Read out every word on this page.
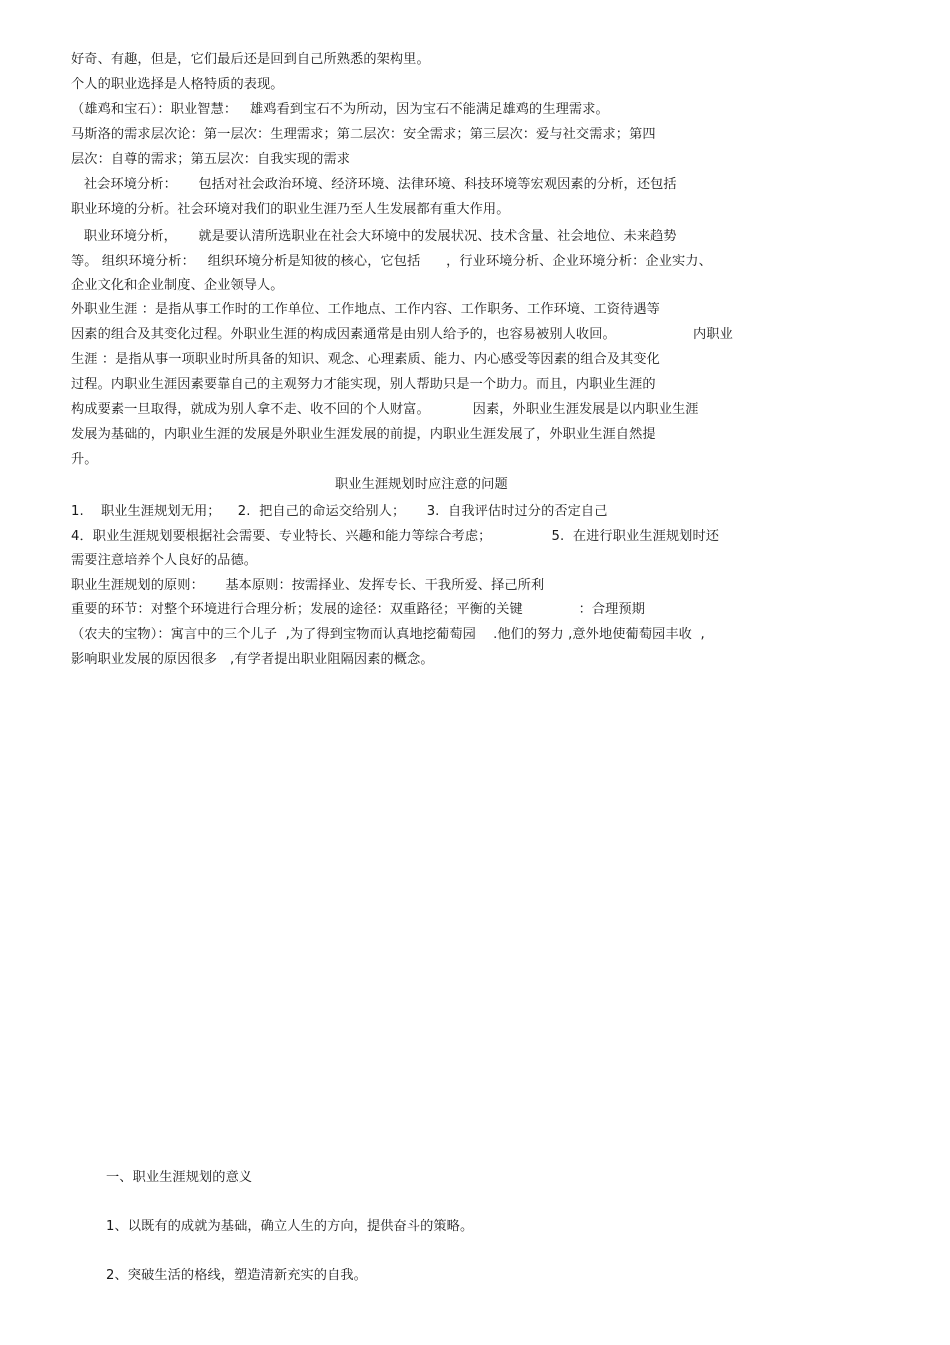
好奇、有趣，但是，它们最后还是回到自己所熟悉的架构里。
个人的职业选择是人格特质的表现。
（雄鸡和宝石）：职业智慧：   雄鸡看到宝石不为所动，因为宝石不能满足雄鸡的生理需求。
马斯洛的需求层次论：第一层次：生理需求；第二层次：安全需求；第三层次：爱与社交需求；第四
层次：自尊的需求；第五层次：自我实现的需求
社会环境分析：     包括对社会政治环境、经济环境、法律环境、科技环境等宏观因素的分析，还包括
职业环境的分析。社会环境对我们的职业生涯乃至人生发展都有重大作用。
职业环境分析，     就是要认清所选职业在社会大环境中的发展状况、技术含量、社会地位、未来趋势
等。 组织环境分析：   组织环境分析是知彼的核心，它包括      ，行业环境分析、企业环境分析：企业实力、
企业文化和企业制度、企业领导人。
外职业生涯 ：是指从事工作时的工作单位、工作地点、工作内容、工作职务、工作环境、工资待遇等
因素的组合及其变化过程。外职业生涯的构成因素通常是由别人给予的，也容易被别人收回。                  内职业
生涯 ：是指从事一项职业时所具备的知识、观念、心理素质、能力、内心感受等因素的组合及其变化
过程。内职业生涯因素要靠自己的主观努力才能实现，别人帮助只是一个助力。而且，内职业生涯的
构成要素一旦取得，就成为别人拿不走、收不回的个人财富。          因素，外职业生涯发展是以内职业生涯
发展为基础的，内职业生涯的发展是外职业生涯发展的前提，内职业生涯发展了，外职业生涯自然提
升。
职业生涯规划时应注意的问题
1.    职业生涯规划无用；    2.  把自己的命运交给别人；     3.  自我评估时过分的否定自己
4．职业生涯规划要根据社会需要、专业特长、兴趣和能力等综合考虑；              5.  在进行职业生涯规划时还
需要注意培养个人良好的品德。
职业生涯规划的原则：     基本原则：按需择业、发挥专长、干我所爱、择己所利
重要的环节：对整个环境进行合理分析；发展的途径：双重路径；平衡的关键             ：合理预期
（农夫的宝物）：寓言中的三个儿子  ,为了得到宝物而认真地挖葡萄园    .他们的努力 ,意外地使葡萄园丰收  ,
影响职业发展的原因很多   ,有学者提出职业阻隔因素的概念。
一、职业生涯规划的意义
1、以既有的成就为基础，确立人生的方向，提供奋斗的策略。
2、突破生活的格线，塑造清新充实的自我。
